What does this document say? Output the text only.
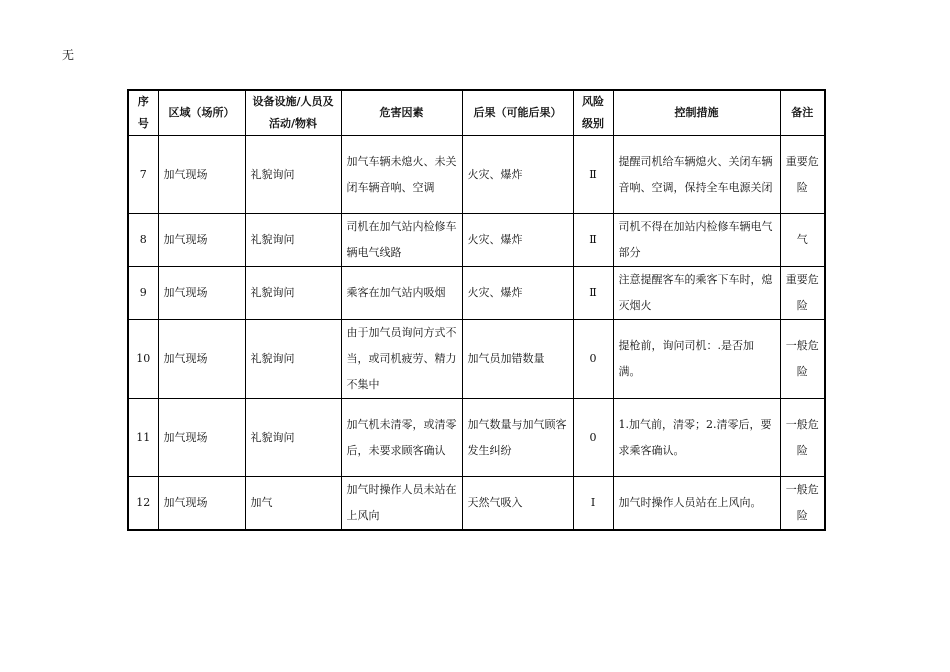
无
序号	区域（场所）	设备设施/人员及活动/物料	危害因素	后果（可能后果）	风险级别	控制措施	备注
7	加气现场	礼貌询问	加气车辆未熄火、未关闭车辆音响、空调	火灾、爆炸	Ⅱ	提醒司机给车辆熄火、关闭车辆音响、空调，保持全车电源关闭	重要危险
8	加气现场	礼貌询问	司机在加气站内检修车辆电气线路	火灾、爆炸	Ⅱ	司机不得在加站内检修车辆电气部分	气
9	加气现场	礼貌询问	乘客在加气站内吸烟	火灾、爆炸	Ⅱ	注意提醒客车的乘客下车时，熄灭烟火	重要危险
10	加气现场	礼貌询问	由于加气员询问方式不当，或司机疲劳、精力不集中	加气员加错数量	0	提枪前，询问司机：.是否加满。	一般危险
11	加气现场	礼貌询问	加气机未清零，或清零后，未要求顾客确认	加气数量与加气顾客发生纠纷	0	1.加气前，清零；2.清零后，要求乘客确认。	一般危险
12	加气现场	加气	加气时操作人员未站在上风向	天然气吸入	I	加气时操作人员站在上风向。	一般危险
